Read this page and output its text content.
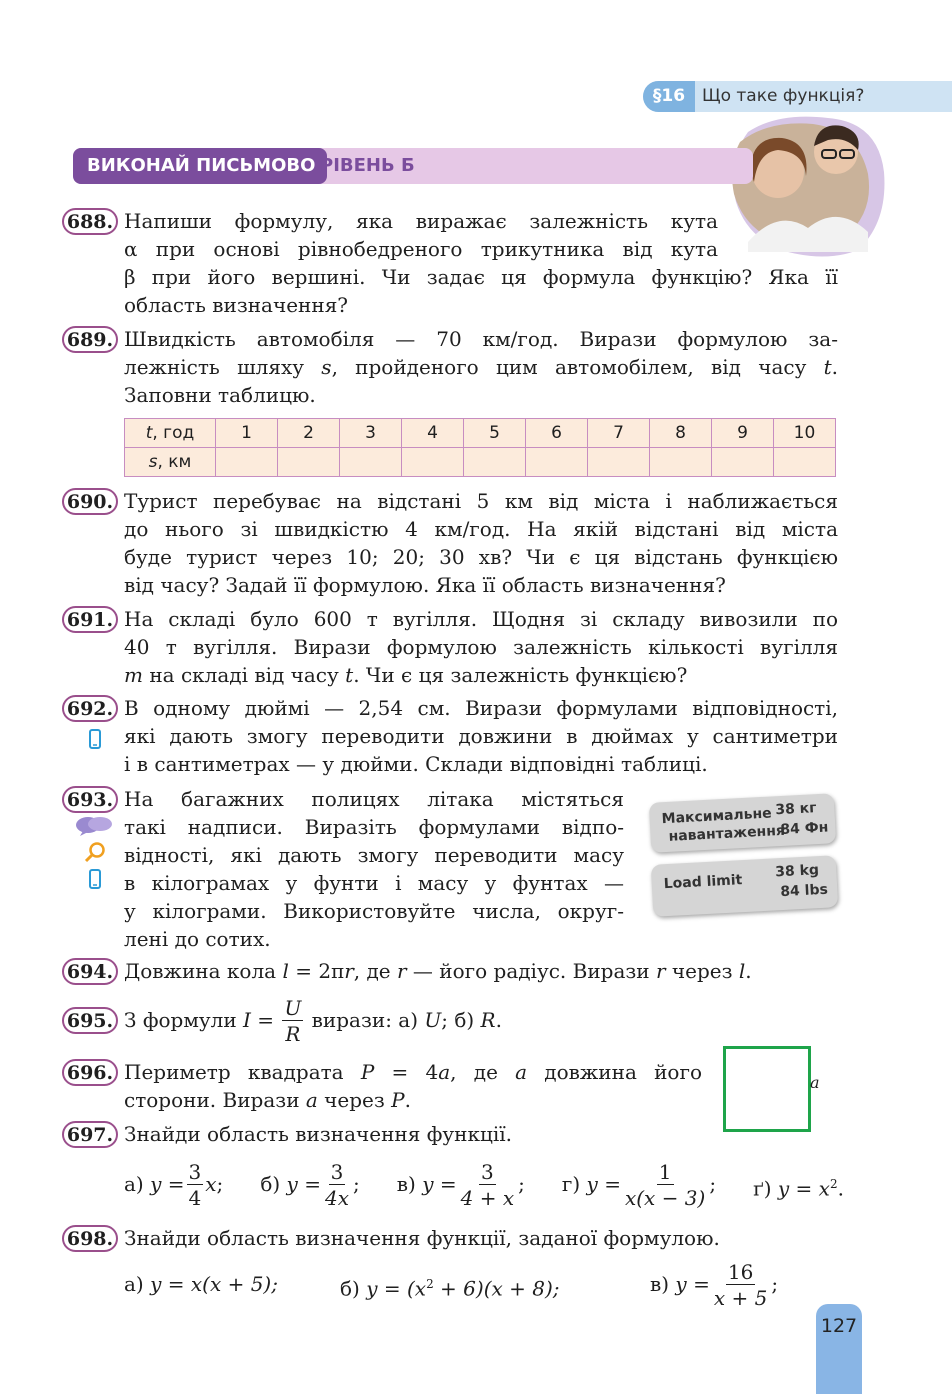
§16 Що таке функція?
ВИКОНАЙ ПИСЬМОВО РІВЕНЬ Б
688. Напиши формулу, яка виражає залежність кута
α при основі рівнобедреного трикутника від кута
β при його вершині. Чи задає ця формула функцію? Яка її
область визначення?
689. Швидкість автомобіля — 70 км/год. Вирази формулою за-
лежність шляху s, пройденого цим автомобілем, від часу t.
Заповни таблицю.
t, год	1	2	3	4	5	6	7	8	9	10
s, км										
690. Турист перебуває на відстані 5 км від міста і наближається
до нього зі швидкістю 4 км/год. На якій відстані від міста
буде турист через 10; 20; 30 хв? Чи є ця відстань функцією
від часу? Задай її формулою. Яка її область визначення?
691. На складі було 600 т вугілля. Щодня зі складу вивозили по
40 т вугілля. Вирази формулою залежність кількості вугілля
m на складі від часу t. Чи є ця залежність функцією?
692. В одному дюймі — 2,54 см. Вирази формулами відповідності,
які дають змогу переводити довжини в дюймах у сантиметри
і в сантиметрах — у дюйми. Склади відповідні таблиці.
693. На багажних полицях літака містяться
такі надписи. Виразіть формулами відпо-
відності, які дають змогу переводити масу
в кілограмах у фунти і масу у фунтах —
у кілограми. Використовуйте числа, округ-
лені до сотих.
Максимальне
навантаження
38 кг
84 Фн
Load limit
38 kg
84 lbs
694. Довжина кола l = 2πr, де r — його радіус. Вирази r через l.
695. З формули $I = \frac{U}{R}$ вирази: а) U; б) R.
696. Периметр квадрата P = 4a, де a довжина його
сторони. Вирази a через P.
a
697. Знайди область визначення функції.
а) $y = \frac{3}{4} x$; б) $y = \frac{3}{4x}$ ; в) $y = \frac{3}{4 + x}$ ; г) $y = \frac{1}{x(x - 3)}$ ; ґ) $y = x^2$.
698. Знайди область визначення функції, заданої формулою.
а) y = x(x + 5);	б) $y = (x^2 + 6)(x + 8)$;	в) $y = \frac{16}{x + 5}$ ;
127
